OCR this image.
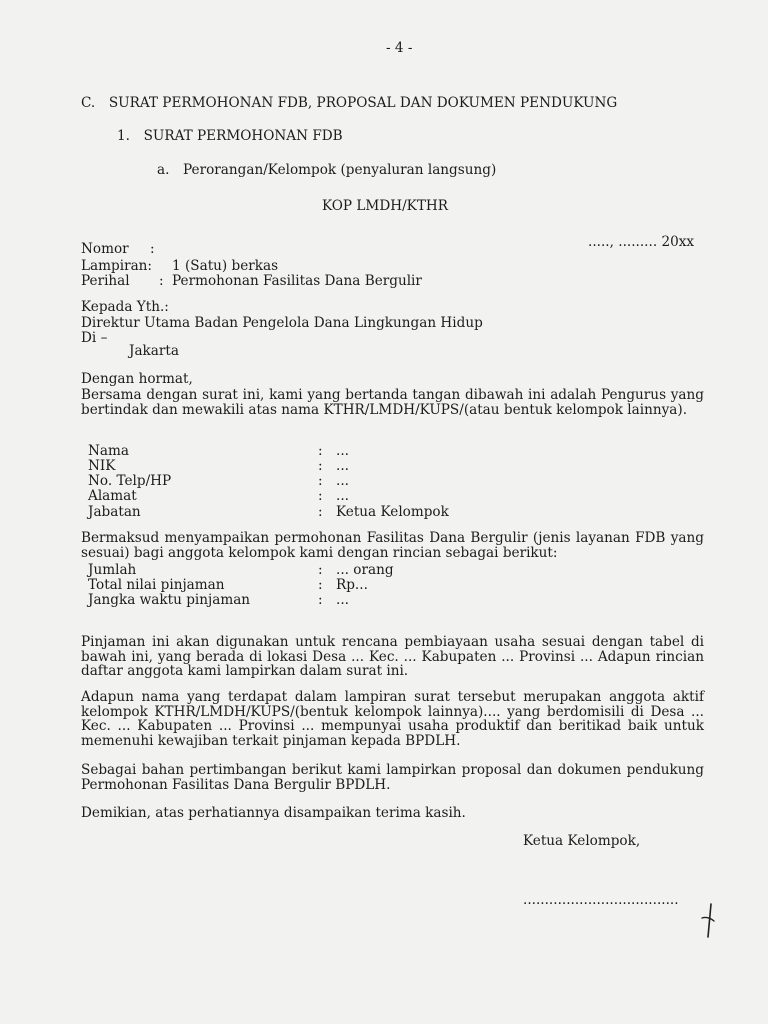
- 4 -
C. SURAT PERMOHONAN FDB, PROPOSAL DAN DOKUMEN PENDUKUNG
1. SURAT PERMOHONAN FDB
a. Perorangan/Kelompok (penyaluran langsung)
KOP LMDH/KTHR
....., ......... 20xx
Nomor :
Lampiran: 1 (Satu) berkas
Perihal : Permohonan Fasilitas Dana Bergulir
Kepada Yth.:
Direktur Utama Badan Pengelola Dana Lingkungan Hidup
Di –
Jakarta
Dengan hormat,
Bersama dengan surat ini, kami yang bertanda tangan dibawah ini adalah Pengurus yang bertindak dan mewakili atas nama KTHR/LMDH/KUPS/(atau bentuk kelompok lainnya).
Nama	: ...
NIK	: ...
No. Telp/HP	: ...
Alamat	: ...
Jabatan	: Ketua Kelompok
Bermaksud menyampaikan permohonan Fasilitas Dana Bergulir (jenis layanan FDB yang sesuai) bagi anggota kelompok kami dengan rincian sebagai berikut:
Jumlah	: ... orang
Total nilai pinjaman	: Rp...
Jangka waktu pinjaman	: ...
Pinjaman ini akan digunakan untuk rencana pembiayaan usaha sesuai dengan tabel di bawah ini, yang berada di lokasi Desa ... Kec. ... Kabupaten ... Provinsi ... Adapun rincian daftar anggota kami lampirkan dalam surat ini.
Adapun nama yang terdapat dalam lampiran surat tersebut merupakan anggota aktif kelompok KTHR/LMDH/KUPS/(bentuk kelompok lainnya).... yang berdomisili di Desa ... Kec. ... Kabupaten ... Provinsi ... mempunyai usaha produktif dan beritikad baik untuk memenuhi kewajiban terkait pinjaman kepada BPDLH.
Sebagai bahan pertimbangan berikut kami lampirkan proposal dan dokumen pendukung Permohonan Fasilitas Dana Bergulir BPDLH.
Demikian, atas perhatiannya disampaikan terima kasih.
Ketua Kelompok,
....................................
